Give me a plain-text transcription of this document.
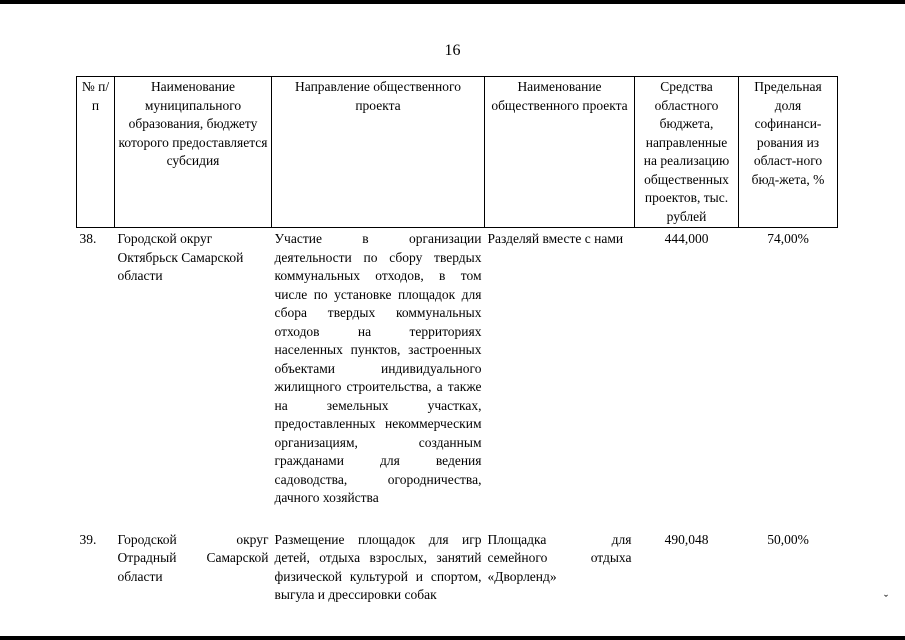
16
№ п/п	Наименование муниципального образования, бюджету которого предоставляется субсидия	Направление общественного проекта	Наименование общественного проекта	Средства областного бюджета, направленные на реализацию общественных проектов, тыс. рублей	Предельная доля софинанси-рования из област-ного бюд-жета, %
38.	Городской округ Октябрьск Самарской области	Участие в организации деятельности по сбору твердых коммунальных отходов, в том числе по установке площадок для сбора твердых коммунальных отходов на территориях населенных пунктов, застроенных объектами индивидуального жилищного строительства, а также на земельных участках, предоставленных некоммерческим организациям, созданным гражданами для ведения садоводства, огородничества, дачного хозяйства	Разделяй вместе с нами	444,000	74,00%
39.	Городской округ Отрадный Самарской области	Размещение площадок для игр детей, отдыха взрослых, занятий физической культурой и спортом, выгула и дрессировки собак	Площадка для семейного отдыха «Дворленд»	490,048	50,00%
ˇ
